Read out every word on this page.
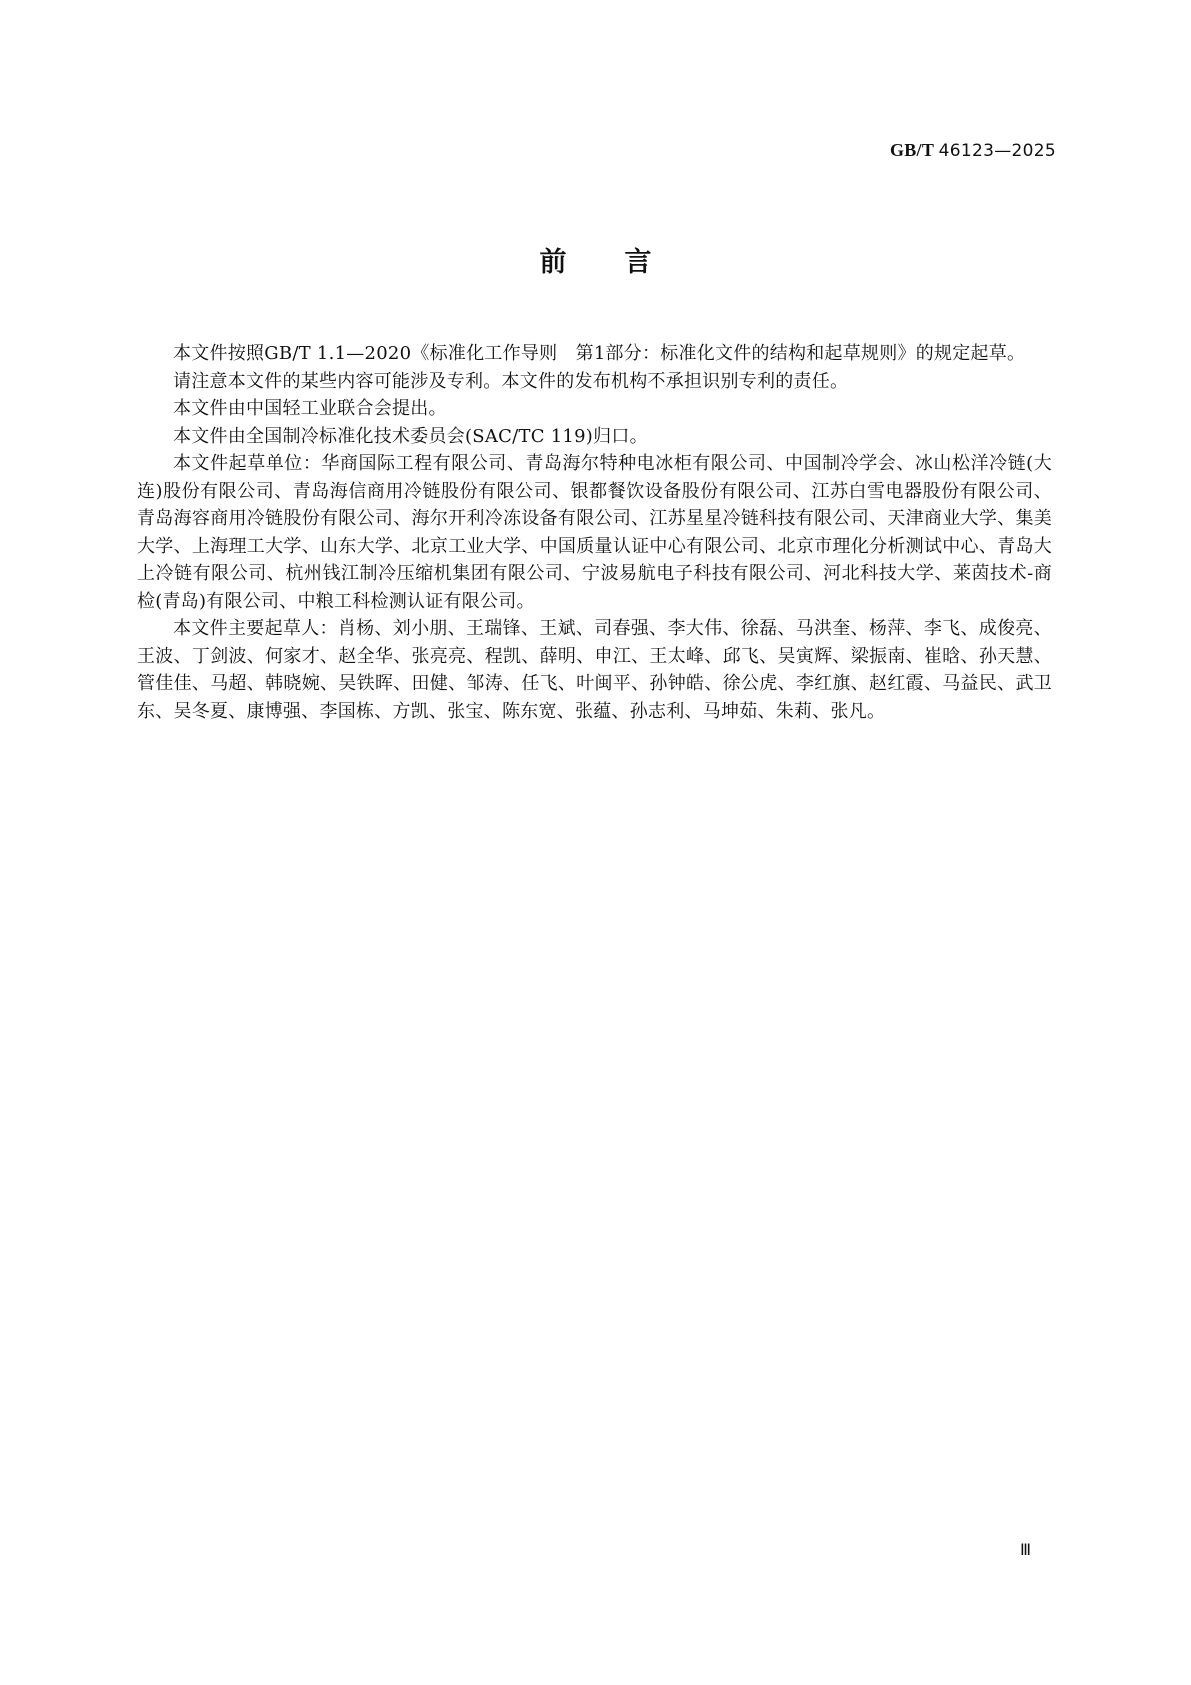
GB/T 46123—2025
前言

本文件按照GB/T 1.1—2020《标准化工作导则　第1部分：标准化文件的结构和起草规则》的规定起草。

请注意本文件的某些内容可能涉及专利。本文件的发布机构不承担识别专利的责任。

本文件由中国轻工业联合会提出。

本文件由全国制冷标准化技术委员会(SAC/TC 119)归口。

本文件起草单位：华商国际工程有限公司、青岛海尔特种电冰柜有限公司、中国制冷学会、冰山松洋冷链(大连)股份有限公司、青岛海信商用冷链股份有限公司、银都餐饮设备股份有限公司、江苏白雪电器股份有限公司、青岛海容商用冷链股份有限公司、海尔开利冷冻设备有限公司、江苏星星冷链科技有限公司、天津商业大学、集美大学、上海理工大学、山东大学、北京工业大学、中国质量认证中心有限公司、北京市理化分析测试中心、青岛大上冷链有限公司、杭州钱江制冷压缩机集团有限公司、宁波易航电子科技有限公司、河北科技大学、莱茵技术-商检(青岛)有限公司、中粮工科检测认证有限公司。

本文件主要起草人：肖杨、刘小朋、王瑞锋、王斌、司春强、李大伟、徐磊、马洪奎、杨萍、李飞、成俊亮、王波、丁剑波、何家才、赵全华、张亮亮、程凯、薛明、申江、王太峰、邱飞、吴寅辉、梁振南、崔晗、孙天慧、管佳佳、马超、韩晓婉、吴铁晖、田健、邹涛、任飞、叶闽平、孙钟皓、徐公虎、李红旗、赵红霞、马益民、武卫东、吴冬夏、康博强、李国栋、方凯、张宝、陈东宽、张蕴、孙志利、马坤茹、朱莉、张凡。

Ⅲ
